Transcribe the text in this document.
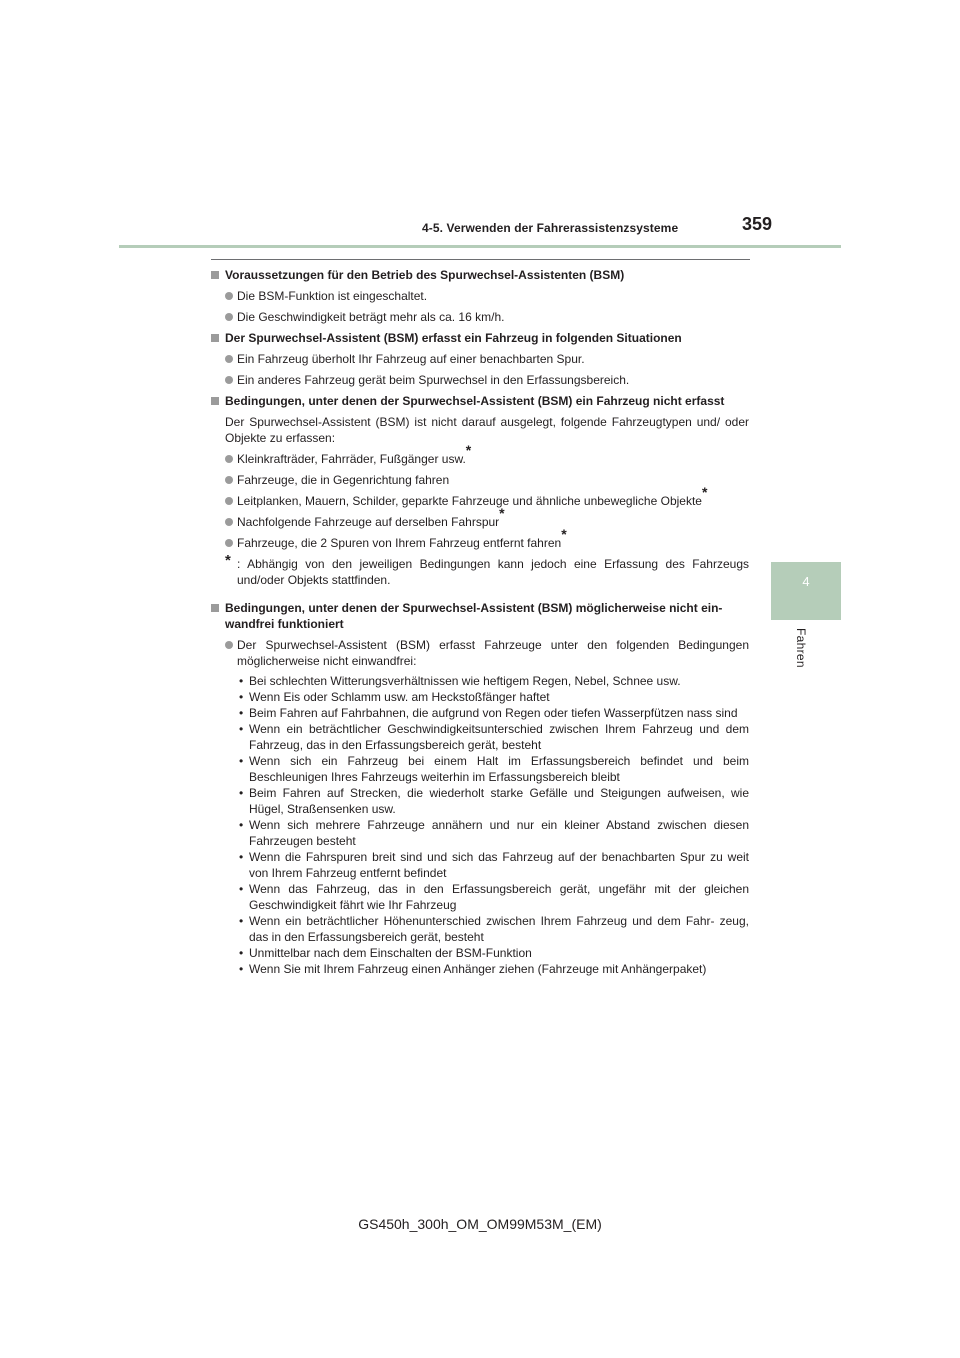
4-5. Verwenden der Fahrerassistenzsysteme	359
4
Fahren
Voraussetzungen für den Betrieb des Spurwechsel-Assistenten (BSM)
Die BSM-Funktion ist eingeschaltet.
Die Geschwindigkeit beträgt mehr als ca. 16 km/h.
Der Spurwechsel-Assistent (BSM) erfasst ein Fahrzeug in folgenden Situationen
Ein Fahrzeug überholt Ihr Fahrzeug auf einer benachbarten Spur.
Ein anderes Fahrzeug gerät beim Spurwechsel in den Erfassungsbereich.
Bedingungen, unter denen der Spurwechsel-Assistent (BSM) ein Fahrzeug nicht erfasst
Der Spurwechsel-Assistent (BSM) ist nicht darauf ausgelegt, folgende Fahrzeugtypen und/ oder Objekte zu erfassen:
Kleinkrafträder, Fahrräder, Fußgänger usw.*
Fahrzeuge, die in Gegenrichtung fahren
Leitplanken, Mauern, Schilder, geparkte Fahrzeuge und ähnliche unbewegliche Objekte*
Nachfolgende Fahrzeuge auf derselben Fahrspur*
Fahrzeuge, die 2 Spuren von Ihrem Fahrzeug entfernt fahren*
* : Abhängig von den jeweiligen Bedingungen kann jedoch eine Erfassung des Fahrzeugs und/oder Objekts stattfinden.
Bedingungen, unter denen der Spurwechsel-Assistent (BSM) möglicherweise nicht ein- wandfrei funktioniert
Der Spurwechsel-Assistent (BSM) erfasst Fahrzeuge unter den folgenden Bedingungen möglicherweise nicht einwandfrei:
• Bei schlechten Witterungsverhältnissen wie heftigem Regen, Nebel, Schnee usw.
• Wenn Eis oder Schlamm usw. am Heckstoßfänger haftet
• Beim Fahren auf Fahrbahnen, die aufgrund von Regen oder tiefen Wasserpfützen nass sind
• Wenn ein beträchtlicher Geschwindigkeitsunterschied zwischen Ihrem Fahrzeug und dem Fahrzeug, das in den Erfassungsbereich gerät, besteht
• Wenn sich ein Fahrzeug bei einem Halt im Erfassungsbereich befindet und beim Beschleunigen Ihres Fahrzeugs weiterhin im Erfassungsbereich bleibt
• Beim Fahren auf Strecken, die wiederholt starke Gefälle und Steigungen aufweisen, wie Hügel, Straßensenken usw.
• Wenn sich mehrere Fahrzeuge annähern und nur ein kleiner Abstand zwischen diesen Fahrzeugen besteht
• Wenn die Fahrspuren breit sind und sich das Fahrzeug auf der benachbarten Spur zu weit von Ihrem Fahrzeug entfernt befindet
• Wenn das Fahrzeug, das in den Erfassungsbereich gerät, ungefähr mit der gleichen Geschwindigkeit fährt wie Ihr Fahrzeug
• Wenn ein beträchtlicher Höhenunterschied zwischen Ihrem Fahrzeug und dem Fahr- zeug, das in den Erfassungsbereich gerät, besteht
• Unmittelbar nach dem Einschalten der BSM-Funktion
• Wenn Sie mit Ihrem Fahrzeug einen Anhänger ziehen (Fahrzeuge mit Anhängerpaket)
GS450h_300h_OM_OM99M53M_(EM)
